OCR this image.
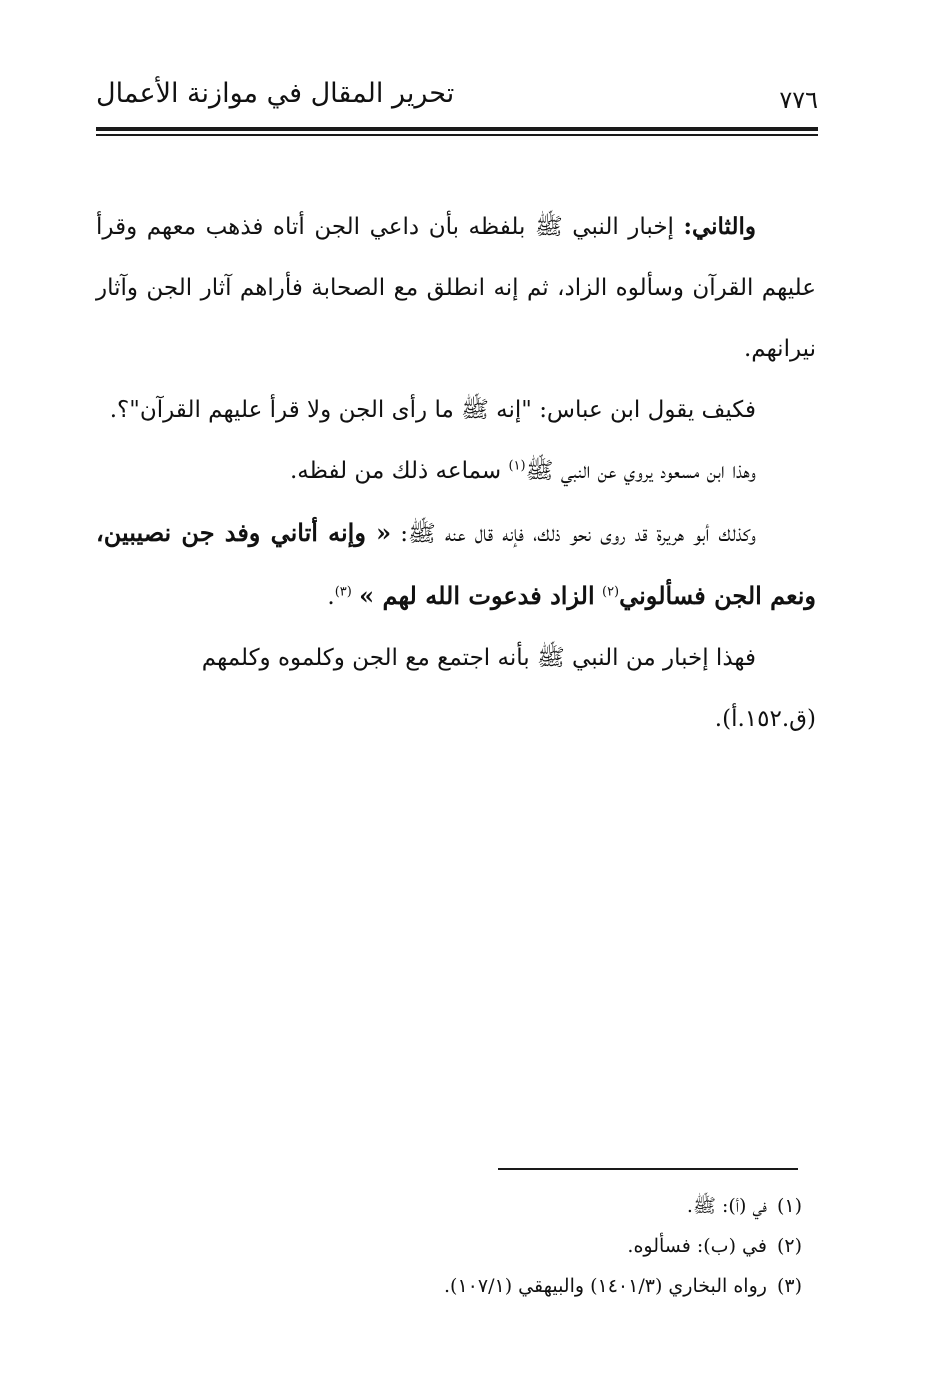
٧٧٦
تحرير المقال في موازنة الأعمال

والثاني: إخبار النبي ﷺ بلفظه بأن داعي الجن أتاه فذهب معهم وقرأ عليهم القرآن وسألوه الزاد، ثم إنه انطلق مع الصحابة فأراهم آثار الجن وآثار نيرانهم.

فكيف يقول ابن عباس: "إنه ﷺ ما رأى الجن ولا قرأ عليهم القرآن"؟.

وهذا ابن مسعود يروي عن النبي ﷺ$^{(١)}$ سماعه ذلك من لفظه.

وكذلك أبو هريرة قد روى نحو ذلك، فإنه قال عنه ﷺ: « وإنه أتاني وفد جن نصيبين، ونعم الجن فسألوني$^{(٢)}$ الزاد فدعوت الله لهم » $^{(٣)}$.

فهذا إخبار من النبي ﷺ بأنه اجتمع مع الجن وكلموه وكلمهم

(ق.١٥٢.أ).

(١)في (أ): ﷺ.
(٢)في (ب): فسألوه.
(٣)رواه البخاري (١٤٠١/٣) والبيهقي (١٠٧/١).
